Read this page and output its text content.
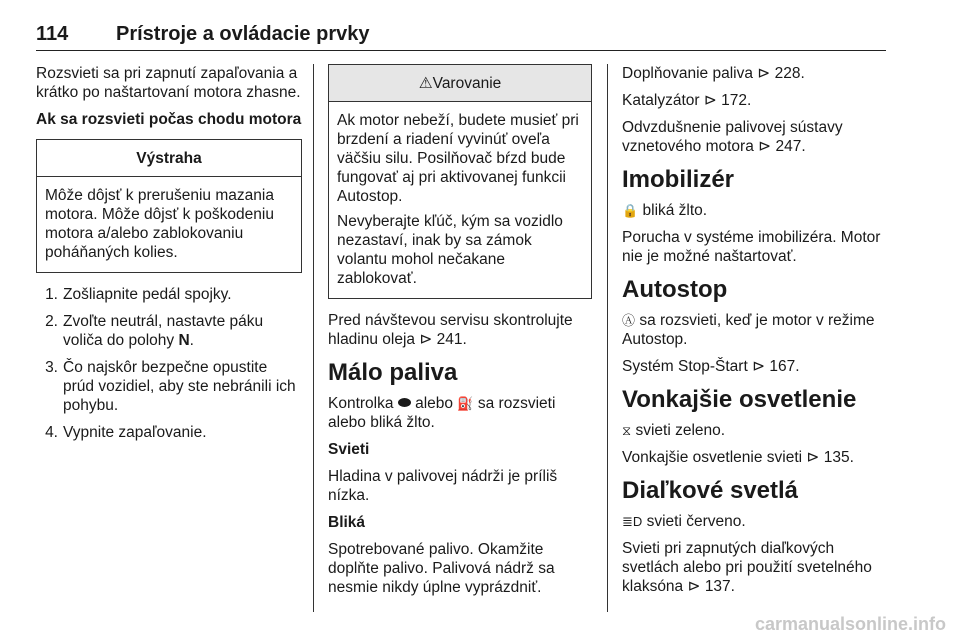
114 Prístroje a ovládacie prvky

Rozsvieti sa pri zapnutí zapaľovania a krátko po naštartovaní motora zhasne.

Ak sa rozsvieti počas chodu motora
Výstraha

Môže dôjsť k prerušeniu mazania motora. Môže dôjsť k poškodeniu motora a/alebo zablokovaniu poháňaných kolies.

1. Zošliapnite pedál spojky.
2. Zvoľte neutrál, nastavte páku voliča do polohy N.
3. Čo najskôr bezpečne opustite prúd vozidiel, aby ste nebránili ich pohybu.
4. Vypnite zapaľovanie.
⚠Varovanie

Ak motor nebeží, budete musieť pri brzdení a riadení vyvinúť oveľa väčšiu silu. Posilňovač bŕzd bude fungovať aj pri aktivovanej funkcii Autostop.

Nevyberajte kľúč, kým sa vozidlo nezastaví, inak by sa zámok volantu mohol nečakane zablokovať.

Pred návštevou servisu skontrolujte hladinu oleja ⊳ 241.

Málo paliva

Kontrolka alebo ⛽ sa rozsvieti alebo bliká žlto.

Svieti

Hladina v palivovej nádrži je príliš nízka.

Bliká

Spotrebované palivo. Okamžite doplňte palivo. Palivová nádrž sa nesmie nikdy úplne vyprázdniť.

Doplňovanie paliva ⊳ 228.

Katalyzátor ⊳ 172.

Odvzdušnenie palivovej sústavy vznetového motora ⊳ 247.

Imobilizér

🔒 bliká žlto.

Porucha v systéme imobilizéra. Motor nie je možné naštartovať.

Autostop

Ⓐ sa rozsvieti, keď je motor v režime Autostop.

Systém Stop-Štart ⊳ 167.

Vonkajšie osvetlenie

⧖ svieti zeleno.

Vonkajšie osvetlenie svieti ⊳ 135.

Diaľkové svetlá

≣D svieti červeno.

Svieti pri zapnutých diaľkových svetlách alebo pri použití svetelného klaksóna ⊳ 137.

carmanualsonline.info
